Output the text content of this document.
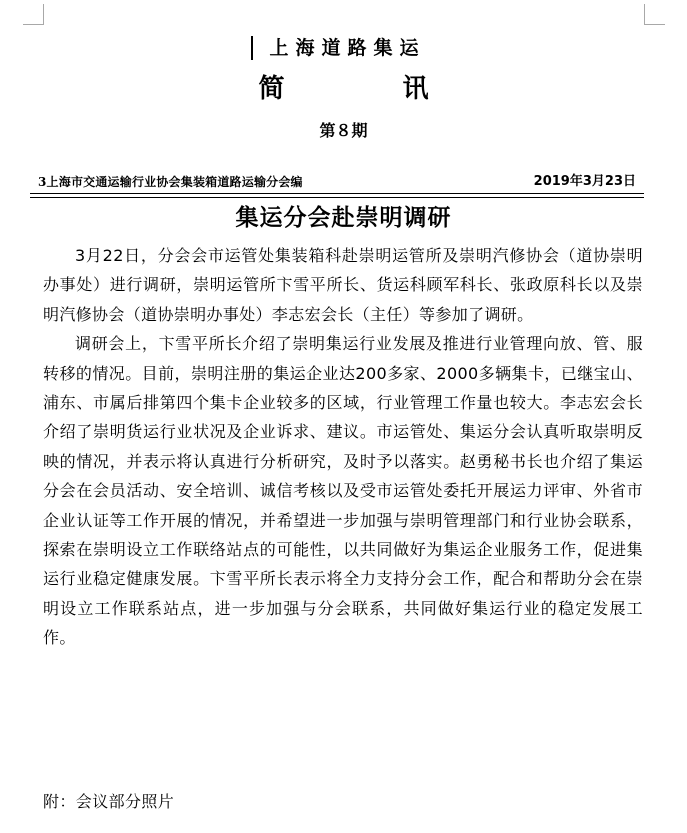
上海道路集运
简讯
第８期
3上海市交通运输行业协会集装箱道路运输分会编	2019年3月23日
集运分会赴崇明调研

3月22日，分会会市运管处集装箱科赴崇明运管所及崇明汽修协会（道协崇明办事处）进行调研，崇明运管所卞雪平所长、货运科顾军科长、张政原科长以及崇明汽修协会（道协崇明办事处）李志宏会长（主任）等参加了调研。

调研会上，卞雪平所长介绍了崇明集运行业发展及推进行业管理向放、管、服转移的情况。目前，崇明注册的集运企业达200多家、2000多辆集卡，已继宝山、浦东、市属后排第四个集卡企业较多的区域，行业管理工作量也较大。李志宏会长介绍了崇明货运行业状况及企业诉求、建议。市运管处、集运分会认真听取崇明反映的情况，并表示将认真进行分析研究，及时予以落实。赵勇秘书长也介绍了集运分会在会员活动、安全培训、诚信考核以及受市运管处委托开展运力评审、外省市企业认证等工作开展的情况，并希望进一步加强与崇明管理部门和行业协会联系，探索在崇明设立工作联络站点的可能性，以共同做好为集运企业服务工作，促进集运行业稳定健康发展。卞雪平所长表示将全力支持分会工作，配合和帮助分会在崇明设立工作联系站点，进一步加强与分会联系，共同做好集运行业的稳定发展工作。

附：会议部分照片
